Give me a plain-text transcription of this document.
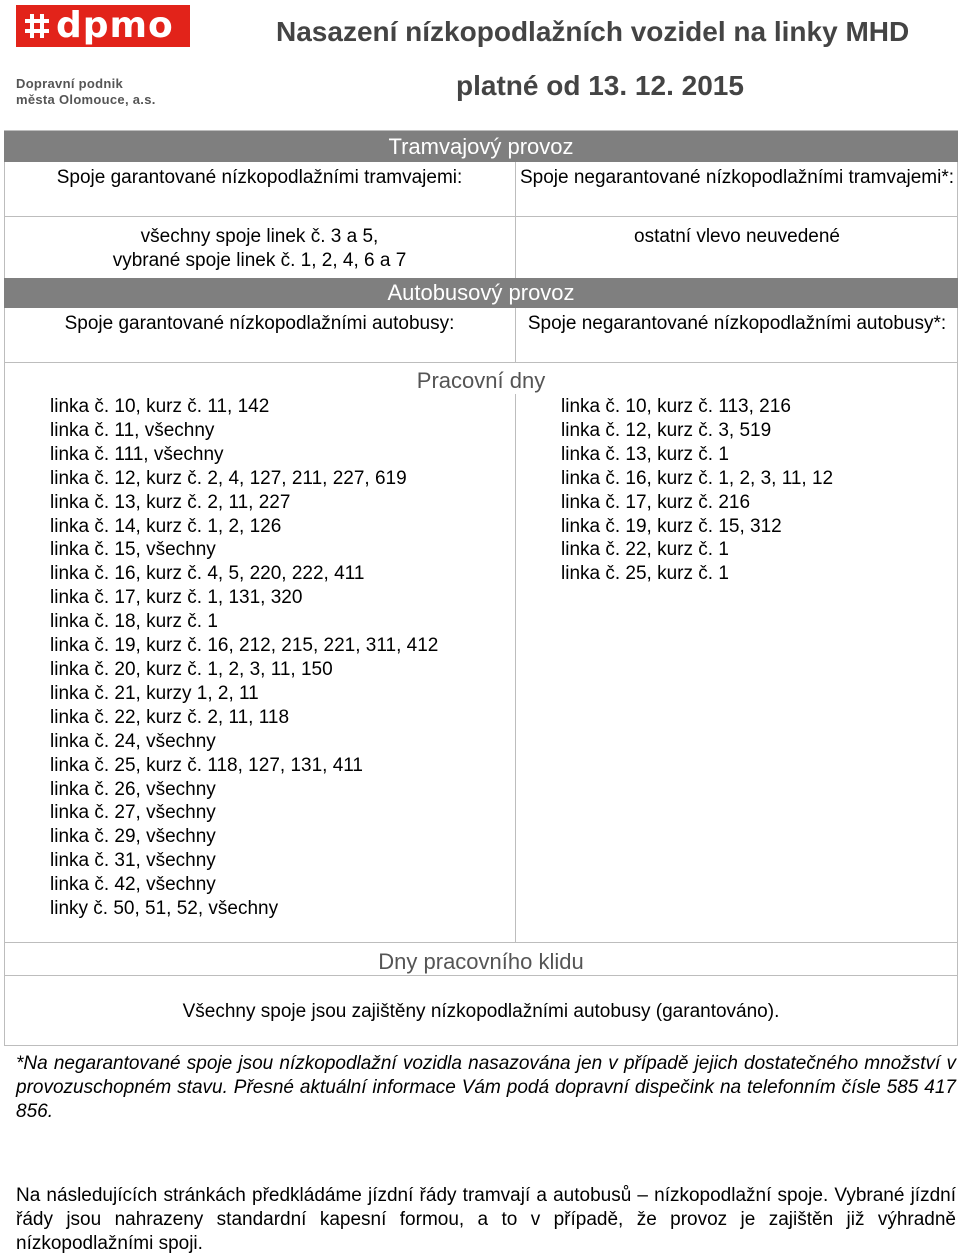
dpmo
Dopravní podnik
města Olomouce, a.s.
Nasazení nízkopodlažních vozidel na linky MHD
platné od 13. 12. 2015
Tramvajový provoz
Spoje garantované nízkopodlažními tramvajemi:	Spoje negarantované nízkopodlažními tramvajemi*:
všechny spoje linek č. 3 a 5,
vybrané spoje linek č. 1, 2, 4, 6 a 7
ostatní vlevo neuvedené
Autobusový provoz
Spoje garantované nízkopodlažními autobusy:	Spoje negarantované nízkopodlažními autobusy*:
Pracovní dny
linka č. 10, kurz č. 11, 142
linka č. 11, všechny
linka č. 111, všechny
linka č. 12, kurz č. 2, 4, 127, 211, 227, 619
linka č. 13, kurz č. 2, 11, 227
linka č. 14, kurz č. 1, 2, 126
linka č. 15, všechny
linka č. 16, kurz č. 4, 5, 220, 222, 411
linka č. 17, kurz č. 1, 131, 320
linka č. 18, kurz č. 1
linka č. 19, kurz č. 16, 212, 215, 221, 311, 412
linka č. 20, kurz č. 1, 2, 3, 11, 150
linka č. 21, kurzy 1, 2, 11
linka č. 22, kurz č. 2, 11, 118
linka č. 24, všechny
linka č. 25, kurz č. 118, 127, 131, 411
linka č. 26, všechny
linka č. 27, všechny
linka č. 29, všechny
linka č. 31, všechny
linka č. 42, všechny
linky č. 50, 51, 52, všechny
linka č. 10, kurz č. 113, 216
linka č. 12, kurz č. 3, 519
linka č. 13, kurz č. 1
linka č. 16, kurz č. 1, 2, 3, 11, 12
linka č. 17, kurz č. 216
linka č. 19, kurz č. 15, 312
linka č. 22, kurz č. 1
linka č. 25, kurz č. 1
Dny pracovního klidu
Všechny spoje jsou zajištěny nízkopodlažními autobusy (garantováno).
*Na negarantované spoje jsou nízkopodlažní vozidla nasazována jen v případě jejich dostatečného množství v provozuschopném stavu. Přesné aktuální informace Vám podá dopravní dispečink na telefonním čísle 585 417 856.
Na následujících stránkách předkládáme jízdní řády tramvají a autobusů – nízkopodlažní spoje. Vybrané jízdní řády jsou nahrazeny standardní kapesní formou, a to v případě, že provoz je zajištěn již výhradně nízkopodlažními spoji.
